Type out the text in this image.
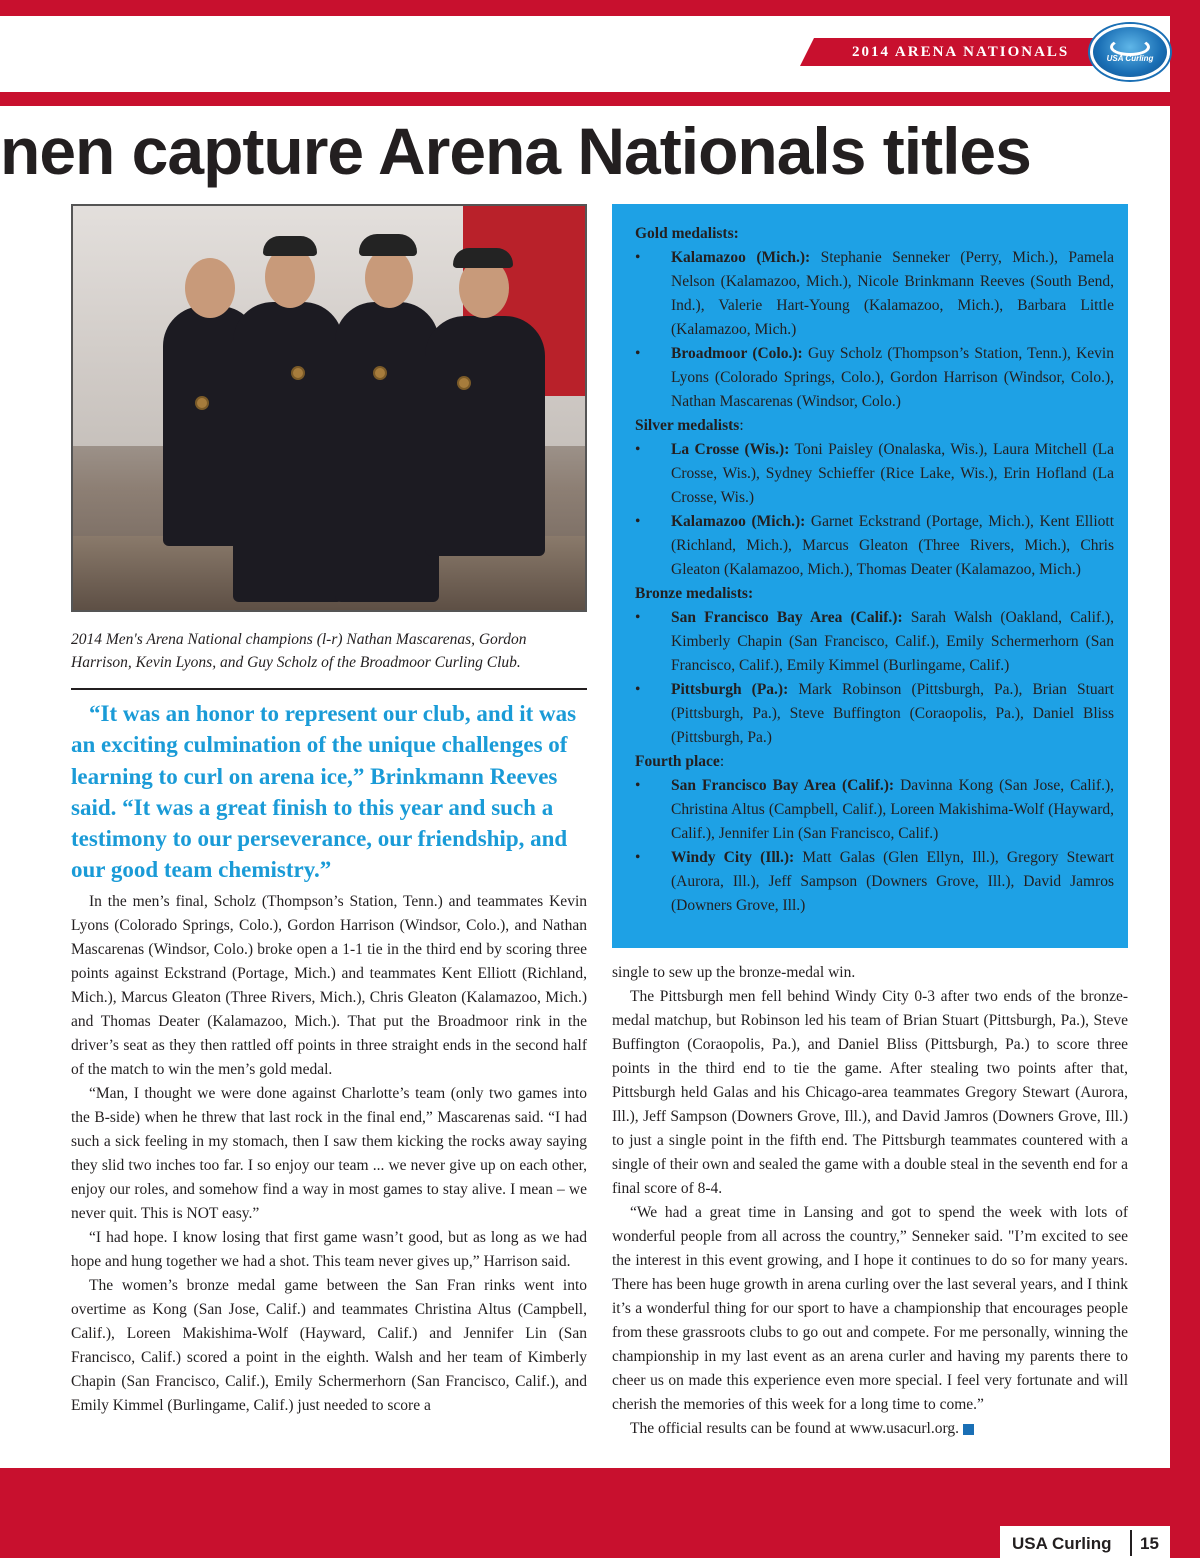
2014 ARENA NATIONALS	USA Curling
nen capture Arena Nationals titles

2014 Men's Arena National champions (l-r) Nathan Mascarenas, Gordon Harrison, Kevin Lyons, and Guy Scholz of the Broadmoor Curling Club.

“It was an honor to represent our club, and it was an exciting culmination of the unique challenges of learning to curl on arena ice,” Brinkmann Reeves said. “It was a great finish to this year and such a testimony to our perseverance, our friendship, and our good team chemistry.”

In the men’s final, Scholz (Thompson’s Station, Tenn.) and teammates Kevin Lyons (Colorado Springs, Colo.), Gordon Harrison (Windsor, Colo.), and Nathan Mascarenas (Windsor, Colo.) broke open a 1-1 tie in the third end by scoring three points against Eckstrand (Portage, Mich.) and teammates Kent Elliott (Richland, Mich.), Marcus Gleaton (Three Rivers, Mich.), Chris Gleaton (Kalamazoo, Mich.) and Thomas Deater (Kalamazoo, Mich.). That put the Broadmoor rink in the driver’s seat as they then rattled off points in three straight ends in the second half of the match to win the men’s gold medal.

“Man, I thought we were done against Charlotte’s team (only two games into the B-side) when he threw that last rock in the final end,” Mascarenas said. “I had such a sick feeling in my stomach, then I saw them kicking the rocks away saying they slid two inches too far. I so enjoy our team ... we never give up on each other, enjoy our roles, and somehow find a way in most games to stay alive. I mean – we never quit. This is NOT easy.”

“I had hope. I know losing that first game wasn’t good, but as long as we had hope and hung together we had a shot. This team never gives up,” Harrison said.

The women’s bronze medal game between the San Fran rinks went into overtime as Kong (San Jose, Calif.) and teammates Christina Altus (Campbell, Calif.), Loreen Makishima-Wolf (Hayward, Calif.) and Jennifer Lin (San Francisco, Calif.) scored a point in the eighth. Walsh and her team of Kimberly Chapin (San Francisco, Calif.), Emily Schermerhorn (San Francisco, Calif.), and Emily Kimmel (Burlingame, Calif.) just needed to score a

Gold medalists:
• Kalamazoo (Mich.): Stephanie Senneker (Perry, Mich.), Pamela Nelson (Kalamazoo, Mich.), Nicole Brinkmann Reeves (South Bend, Ind.), Valerie Hart-Young (Kalamazoo, Mich.), Barbara Little (Kalamazoo, Mich.)
• Broadmoor (Colo.): Guy Scholz (Thompson’s Station, Tenn.), Kevin Lyons (Colorado Springs, Colo.), Gordon Harrison (Windsor, Colo.), Nathan Mascarenas (Windsor, Colo.)
Silver medalists:
• La Crosse (Wis.): Toni Paisley (Onalaska, Wis.), Laura Mitchell (La Crosse, Wis.), Sydney Schieffer (Rice Lake, Wis.), Erin Hofland (La Crosse, Wis.)
• Kalamazoo (Mich.): Garnet Eckstrand (Portage, Mich.), Kent Elliott (Richland, Mich.), Marcus Gleaton (Three Rivers, Mich.), Chris Gleaton (Kalamazoo, Mich.), Thomas Deater (Kalamazoo, Mich.)
Bronze medalists:
• San Francisco Bay Area (Calif.): Sarah Walsh (Oakland, Calif.), Kimberly Chapin (San Francisco, Calif.), Emily Schermerhorn (San Francisco, Calif.), Emily Kimmel (Burlingame, Calif.)
• Pittsburgh (Pa.): Mark Robinson (Pittsburgh, Pa.), Brian Stuart (Pittsburgh, Pa.), Steve Buffington (Coraopolis, Pa.), Daniel Bliss (Pittsburgh, Pa.)
Fourth place:
• San Francisco Bay Area (Calif.): Davinna Kong (San Jose, Calif.), Christina Altus (Campbell, Calif.), Loreen Makishima-Wolf (Hayward, Calif.), Jennifer Lin (San Francisco, Calif.)
• Windy City (Ill.): Matt Galas (Glen Ellyn, Ill.), Gregory Stewart (Aurora, Ill.), Jeff Sampson (Downers Grove, Ill.), David Jamros (Downers Grove, Ill.)

single to sew up the bronze-medal win.

The Pittsburgh men fell behind Windy City 0-3 after two ends of the bronze-medal matchup, but Robinson led his team of Brian Stuart (Pittsburgh, Pa.), Steve Buffington (Coraopolis, Pa.), and Daniel Bliss (Pittsburgh, Pa.) to score three points in the third end to tie the game. After stealing two points after that, Pittsburgh held Galas and his Chicago-area teammates Gregory Stewart (Aurora, Ill.), Jeff Sampson (Downers Grove, Ill.), and David Jamros (Downers Grove, Ill.) to just a single point in the fifth end. The Pittsburgh teammates countered with a single of their own and sealed the game with a double steal in the seventh end for a final score of 8-4.

“We had a great time in Lansing and got to spend the week with lots of wonderful people from all across the country,” Senneker said. "I’m excited to see the interest in this event growing, and I hope it continues to do so for many years. There has been huge growth in arena curling over the last several years, and I think it’s a wonderful thing for our sport to have a championship that encourages people from these grassroots clubs to go out and compete. For me personally, winning the championship in my last event as an arena curler and having my parents there to cheer us on made this experience even more special. I feel very fortunate and will cherish the memories of this week for a long time to come.”

The official results can be found at www.usacurl.org.

USA Curling	15
